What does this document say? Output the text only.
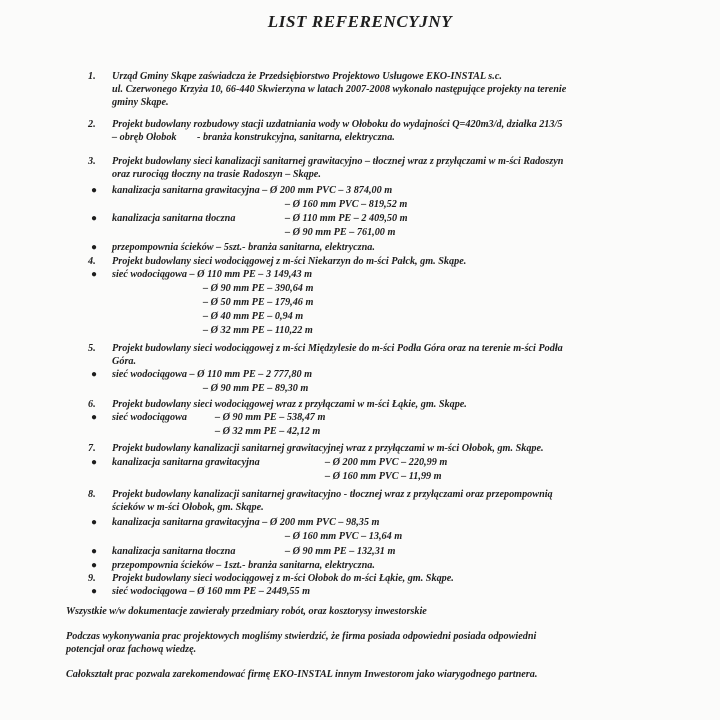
LIST REFERENCYJNY
1. Urząd Gminy Skąpe zaświadcza że Przedsiębiorstwo Projektowo Usługowe EKO-INSTAL s.c.
ul. Czerwonego Krzyża 10, 66-440 Skwierzyna w latach 2007-2008 wykonało następujące projekty na terenie
gminy Skąpe.
2. Projekt budowlany rozbudowy stacji uzdatniania wody w Ołoboku do wydajności Q=420m3/d, działka 213/5
– obręb Ołobok - branża konstrukcyjna, sanitarna, elektryczna.
3. Projekt budowlany sieci kanalizacji sanitarnej grawitacyjno – tłocznej wraz z przyłączami w m-ści Radoszyn
oraz rurociąg tłoczny na trasie Radoszyn – Skąpe.
kanalizacja sanitarna grawitacyjna – Ø 200 mm PVC – 3 874,00 m
– Ø 160 mm PVC – 819,52 m
kanalizacja sanitarna tłoczna	– Ø 110 mm PE – 2 409,50 m
– Ø 90 mm PE – 761,00 m
przepompownia ścieków – 5szt.- branża sanitarna, elektryczna.
4. Projekt budowlany sieci wodociągowej z m-ści Niekarzyn do m-ści Pałck, gm. Skąpe.
sieć wodociągowa – Ø 110 mm PE – 3 149,43 m
– Ø 90 mm PE – 390,64 m
– Ø 50 mm PE – 179,46 m
– Ø 40 mm PE – 0,94 m
– Ø 32 mm PE – 110,22 m
5. Projekt budowlany sieci wodociągowej z m-ści Międzylesie do m-ści Podła Góra oraz na terenie m-ści Podła
Góra.
sieć wodociągowa – Ø 110 mm PE – 2 777,80 m
– Ø 90 mm PE – 89,30 m
6. Projekt budowlany sieci wodociągowej wraz z przyłączami w m-ści Łąkie, gm. Skąpe.
sieć wodociągowa	– Ø 90 mm PE – 538,47 m
– Ø 32 mm PE – 42,12 m
7. Projekt budowlany kanalizacji sanitarnej grawitacyjnej wraz z przyłączami w m-ści Ołobok, gm. Skąpe.
kanalizacja sanitarna grawitacyjna	– Ø 200 mm PVC – 220,99 m
– Ø 160 mm PVC – 11,99 m
8. Projekt budowlany kanalizacji sanitarnej grawitacyjno - tłocznej wraz z przyłączami oraz przepompownią
ścieków w m-ści Ołobok, gm. Skąpe.
kanalizacja sanitarna grawitacyjna – Ø 200 mm PVC – 98,35 m
– Ø 160 mm PVC – 13,64 m
kanalizacja sanitarna tłoczna	– Ø 90 mm PE – 132,31 m
przepompownia ścieków – 1szt.- branża sanitarna, elektryczna.
9. Projekt budowlany sieci wodociągowej z m-ści Ołobok do m-ści Łąkie, gm. Skąpe.
sieć wodociągowa – Ø 160 mm PE – 2449,55 m
Wszystkie w/w dokumentacje zawierały przedmiary robót, oraz kosztorysy inwestorskie
Podczas wykonywania prac projektowych mogliśmy stwierdzić, że firma posiada odpowiedni posiada odpowiedni
potencjał oraz fachową wiedzę.
Całokształt prac pozwala zarekomendować firmę EKO-INSTAL innym Inwestorom jako wiarygodnego partnera.
●
●
●
●
●
●
●
●
●
●
●
